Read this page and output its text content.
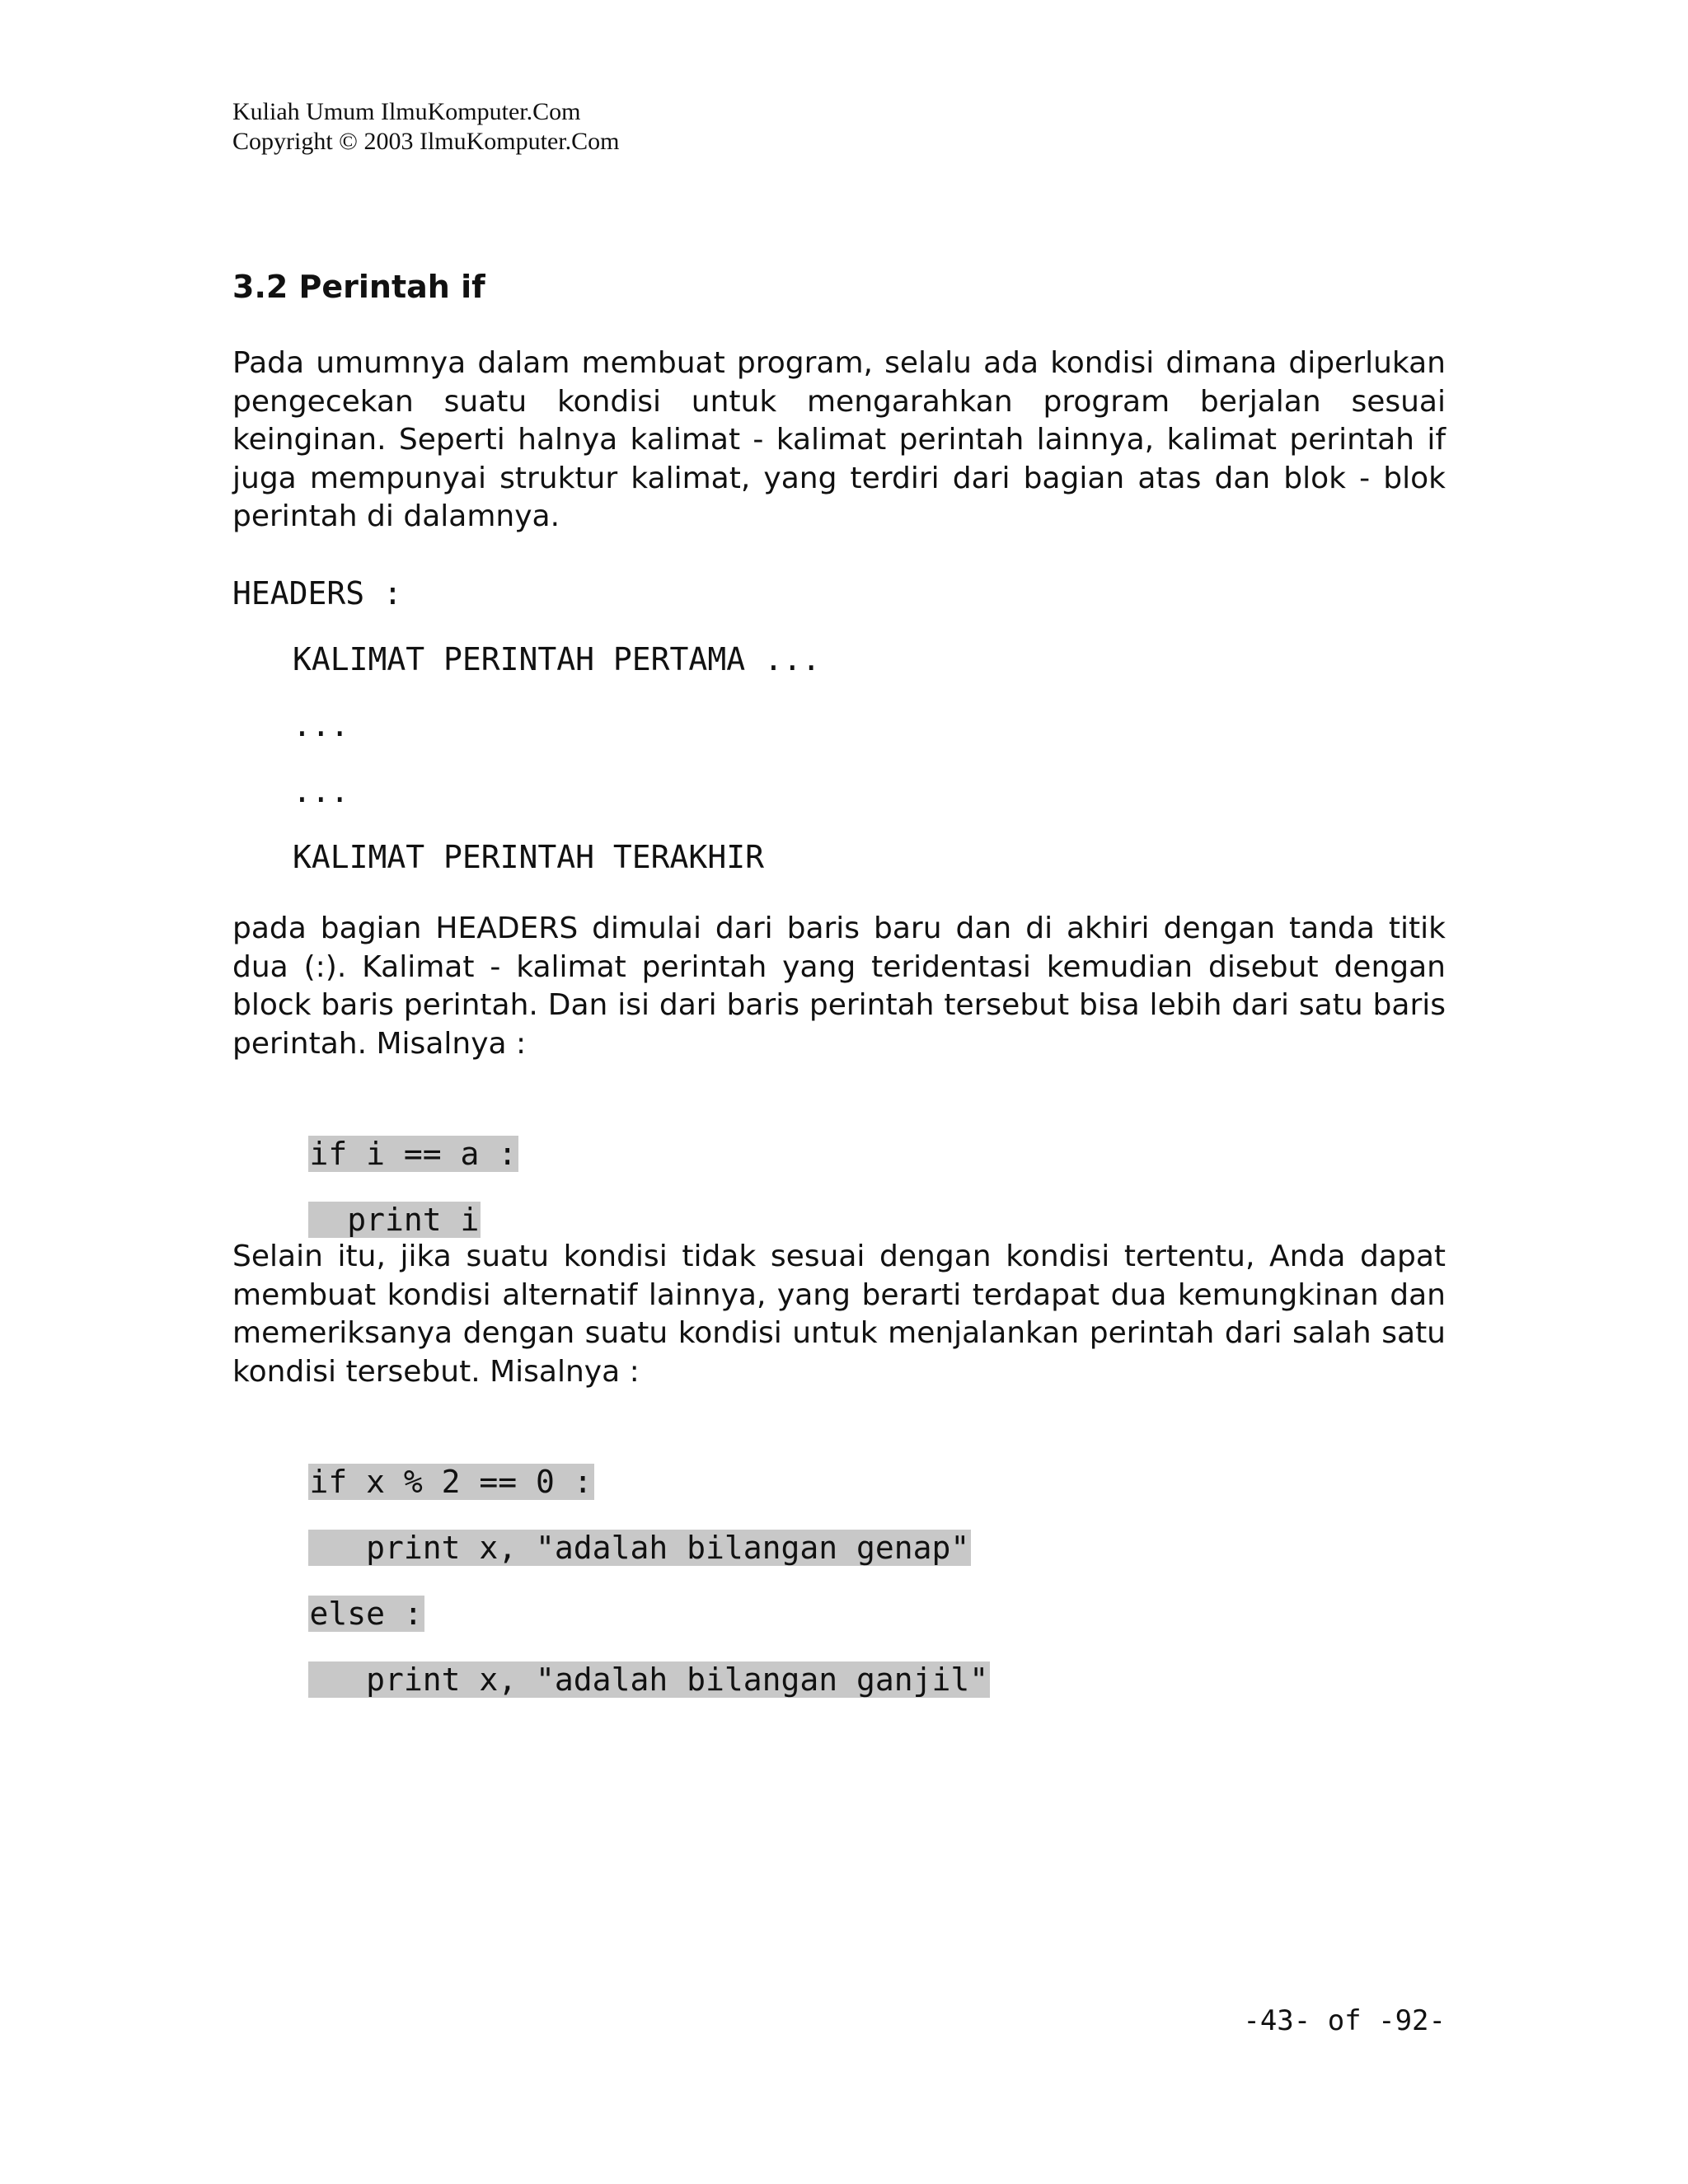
Kuliah Umum IlmuKomputer.Com
Copyright © 2003 IlmuKomputer.Com
3.2 Perintah if
Pada umumnya dalam membuat program, selalu ada kondisi dimana diperlukan pengecekan suatu kondisi untuk mengarahkan program berjalan sesuai keinginan. Seperti halnya kalimat - kalimat perintah lainnya, kalimat perintah if juga mempunyai struktur kalimat, yang terdiri dari bagian atas dan blok - blok perintah di dalamnya.
HEADERS :
KALIMAT PERINTAH PERTAMA ...
...
...
KALIMAT PERINTAH TERAKHIR
pada bagian HEADERS dimulai dari baris baru dan di akhiri dengan tanda titik dua (:). Kalimat - kalimat perintah yang teridentasi kemudian disebut dengan block baris perintah. Dan isi dari baris perintah tersebut bisa lebih dari satu baris perintah. Misalnya :

if i == a :

print i

Selain itu, jika suatu kondisi tidak sesuai dengan kondisi tertentu, Anda dapat membuat kondisi alternatif lainnya, yang berarti terdapat dua kemungkinan dan memeriksanya dengan suatu kondisi untuk menjalankan perintah dari salah satu kondisi tersebut. Misalnya :

if x % 2 == 0 :

print x, "adalah bilangan genap"

else :

print x, "adalah bilangan ganjil"

-43- of -92-
